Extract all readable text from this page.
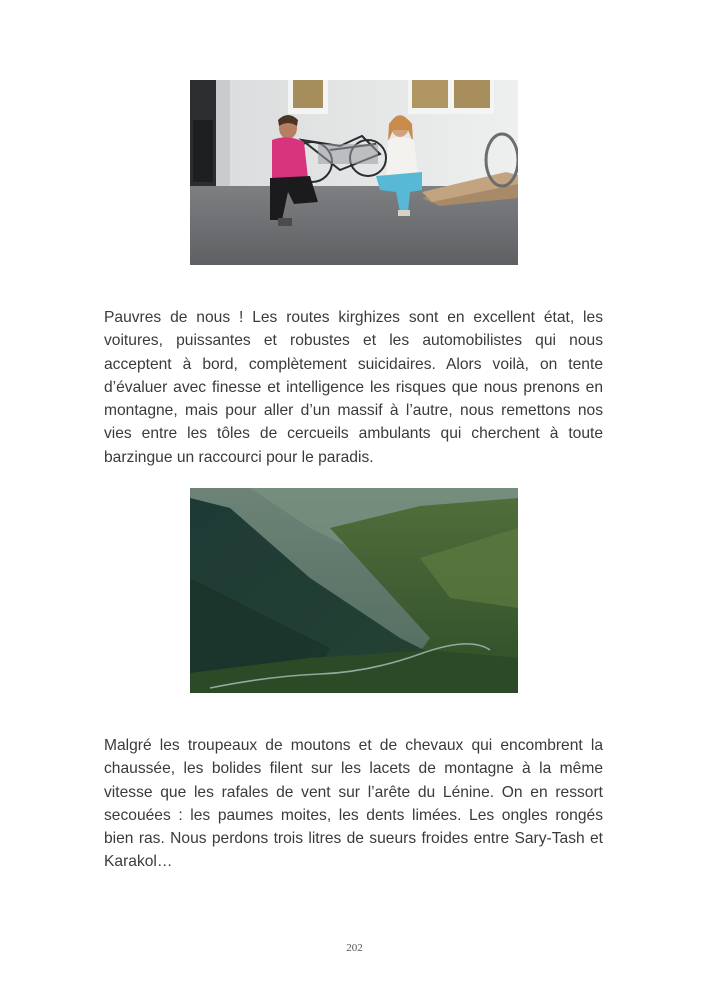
Pauvres de nous ! Les routes kirghizes sont en excellent état, les voitures, puissantes et robustes et les automobilistes qui nous acceptent à bord, complètement suicidaires. Alors voilà, on tente d’évaluer avec finesse et intelligence les risques que nous prenons en montagne, mais pour aller d’un massif à l’autre, nous remettons nos vies entre les tôles de cercueils ambulants qui cherchent à toute barzingue un raccourci pour le paradis.

Malgré les troupeaux de moutons et de chevaux qui encombrent la chaussée, les bolides filent sur les lacets de montagne à la même vitesse que les rafales de vent sur l’arête du Lénine. On en ressort secouées : les paumes moites, les dents limées. Les ongles rongés bien ras. Nous perdons trois litres de sueurs froides entre Sary-Tash et Karakol…

202
